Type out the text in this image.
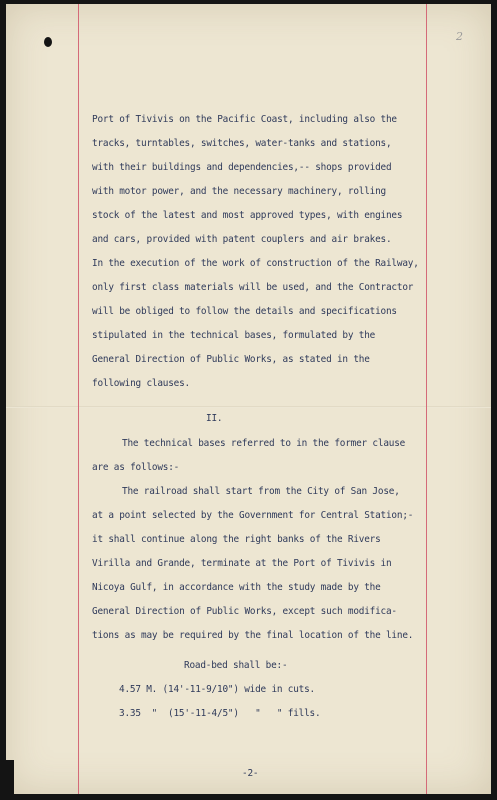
2
Port of Tivivis on the Pacific Coast, including also the
tracks, turntables, switches, water-tanks and stations,
with their buildings and dependencies,-- shops provided
with motor power, and the necessary machinery, rolling
stock of the latest and most approved types, with engines
and cars, provided with patent couplers and air brakes.
In the execution of the work of construction of the Railway,
only first class materials will be used, and the Contractor
will be obliged to follow the details and specifications
stipulated in the technical bases, formulated by the
General Direction of Public Works, as stated in the
following clauses.
II.
The technical bases referred to in the former clause
are as follows:-
The railroad shall start from the City of San Jose,
at a point selected by the Government for Central Station;-
it shall continue along the right banks of the Rivers
Virilla and Grande, terminate at the Port of Tivivis in
Nicoya Gulf, in accordance with the study made by the
General Direction of Public Works, except such modifica-
tions as may be required by the final location of the line.
Road-bed shall be:-
4.57 M. (14'-11-9/10") wide in cuts.
3.35  "  (15'-11-4/5")   "   " fills.
-2-
